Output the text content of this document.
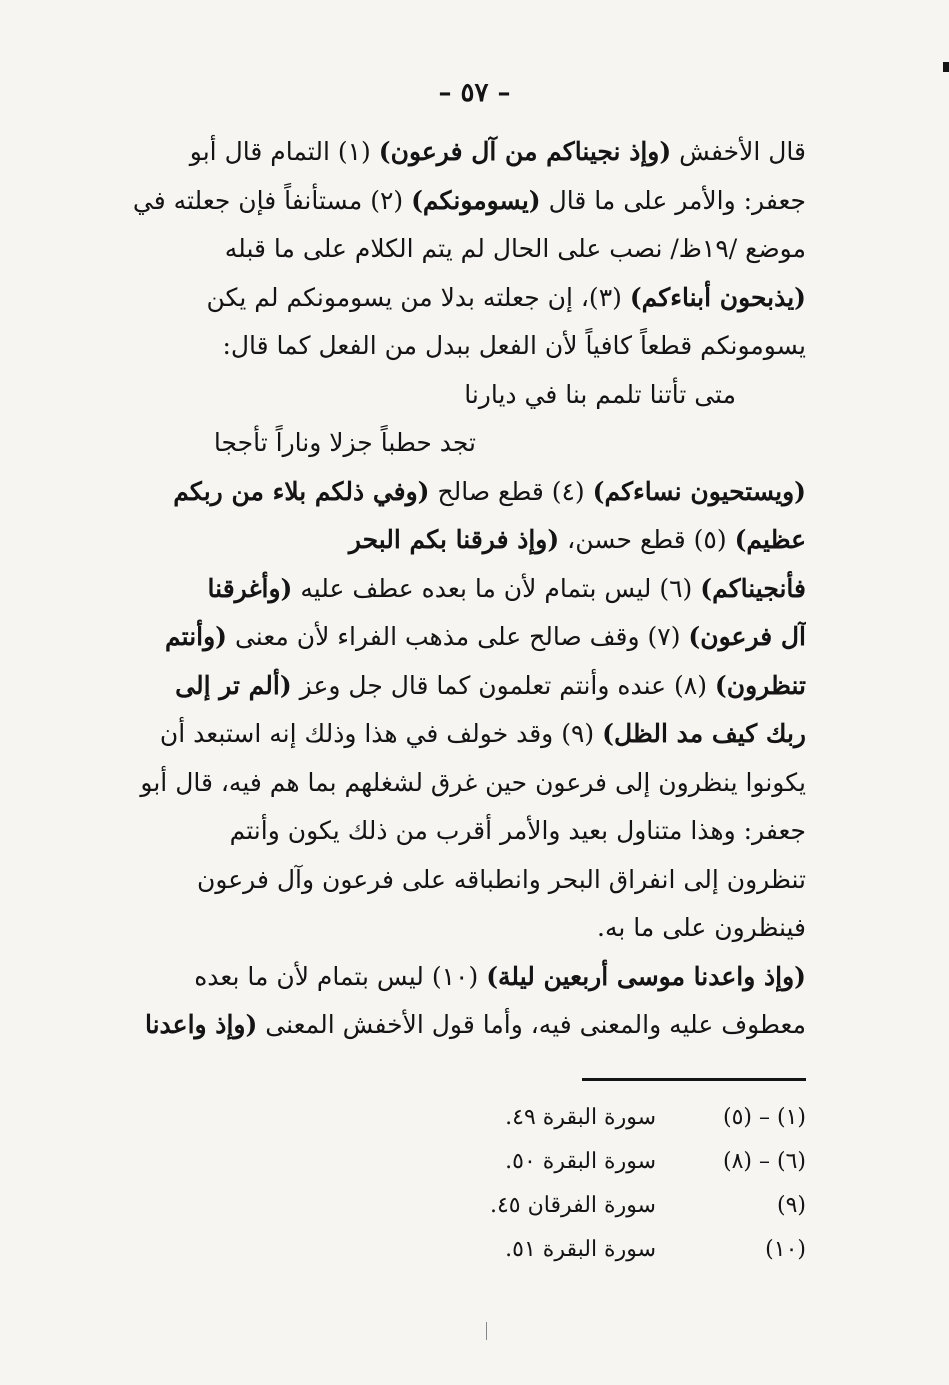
– ٥٧ –
قال الأخفش (وإذ نجيناكم من آل فرعون) (١) التمام قال أبو
جعفر: والأمر على ما قال (يسومونكم) (٢) مستأنفاً فإن جعلته في
موضع /١٩ظ/ نصب على الحال لم يتم الكلام على ما قبله
(يذبحون أبناءكم) (٣)، إن جعلته بدلا من يسومونكم لم يكن
يسومونكم قطعاً كافياً لأن الفعل ببدل من الفعل كما قال:
متى تأتنا تلمم بنا في ديارنا
تجد حطباً جزلا وناراً تأججا
(ويستحيون نساءكم) (٤) قطع صالح (وفي ذلكم بلاء من ربكم
عظيم) (٥) قطع حسن، (وإذ فرقنا بكم البحر
فأنجيناكم) (٦) ليس بتمام لأن ما بعده عطف عليه (وأغرقنا
آل فرعون) (٧) وقف صالح على مذهب الفراء لأن معنى (وأنتم
تنظرون) (٨) عنده وأنتم تعلمون كما قال جل وعز (ألم تر إلى
ربك كيف مد الظل) (٩) وقد خولف في هذا وذلك إنه استبعد أن
يكونوا ينظرون إلى فرعون حين غرق لشغلهم بما هم فيه، قال أبو
جعفر: وهذا متناول بعيد والأمر أقرب من ذلك يكون وأنتم
تنظرون إلى انفراق البحر وانطباقه على فرعون وآل فرعون
فينظرون على ما به.
(وإذ واعدنا موسى أربعين ليلة) (١٠) ليس بتمام لأن ما بعده
معطوف عليه والمعنى فيه، وأما قول الأخفش المعنى (وإذ واعدنا
(١) – (٥)
سورة البقرة ٤٩.
(٦) – (٨)
سورة البقرة ٥٠.
(٩)
سورة الفرقان ٤٥.
(١٠)
سورة البقرة ٥١.
